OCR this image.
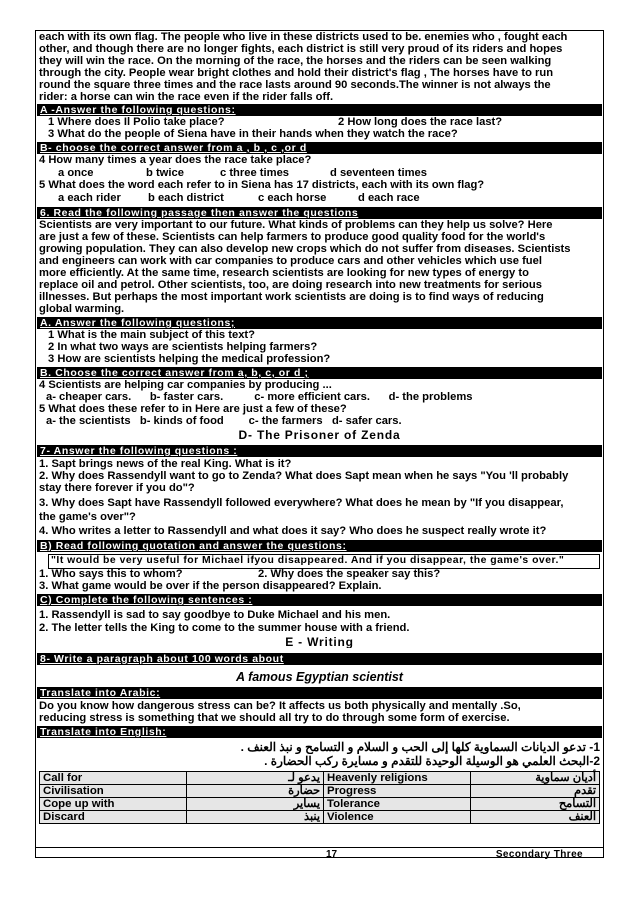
each with its own flag. The people who live in these districts used to be. enemies who , fought each
other, and though there are no longer fights, each district is still very proud of its riders and hopes
they will win the race. On the morning of the race, the horses and the riders can be seen walking
through the city. People wear bright clothes and hold their district's flag , The horses have to run
round the square three times and the race lasts around 90 seconds.The winner is not always the
rider: a horse can win the race even if the rider falls off.
A -Answer the following questions:
1 Where does Il Polio take place?	2 How long does the race last?
3 What do the people of Siena have in their hands when they watch the race?
B- choose the correct answer from a , b , c ,or d
4 How many times a year does the race take place?
a once	b twice	c three times	d seventeen times
5 What does the word each refer to in Siena has 17 districts, each with its own flag?
a each rider b each district	c each horse	d each race
6. Read the following passage then answer the questions
Scientists are very important to our future. What kinds of problems can they help us solve? Here
are just a few of these. Scientists can help farmers to produce good quality food for the world's
growing population. They can also develop new crops which do not suffer from diseases. Scientists
and engineers can work with car companies to produce cars and other vehicles which use fuel
more efficiently. At the same time, research scientists are looking for new types of energy to
replace oil and petrol. Other scientists, too, are doing research into new treatments for serious
illnesses. But perhaps the most important work scientists are doing is to find ways of reducing
global warming.
A. Answer the following questions;
1 What is the main subject of this text?
2 In what two ways are scientists helping farmers?
3 How are scientists helping the medical profession?
B. Choose the correct answer from a, b, c, or d ;
4 Scientists are helping car companies by producing ...
a- cheaper cars.      b- faster cars.          c- more efficient cars.      d- the problems
5 What does these refer to in Here are just a few of these?
a- the scientists   b- kinds of food        c- the farmers   d- safer cars.
D- The Prisoner of Zenda
7- Answer the following questions :
1. Sapt brings news of the real King. What is it?
2. Why does Rassendyll want to go to Zenda? What does Sapt mean when he says "You 'll probably
stay there forever if you do"?
3. Why does Sapt have Rassendyll followed everywhere? What does he mean by "If you disappear,
the game's over"?
4. Who writes a letter to Rassendyll and what does it say? Who does he suspect really wrote it?
B) Read following quotation and answer the questions:
"It would be very useful for Michael ifyou disappeared. And if you disappear, the game's over."
1. Who says this to whom?	2. Why does the speaker say this?
3. What game would be over if the person disappeared? Explain.
C) Complete the following sentences :
1. Rassendyll is sad to say goodbye to Duke Michael and his men.
2. The letter tells the King to come to the summer house with a friend.
E - Writing
8- Write a paragraph about 100 words about
A famous Egyptian scientist
Translate into Arabic:
Do you know how dangerous stress can be? It affects us both physically and mentally .So,
reducing stress is something that we should all try to do through some form of exercise.
Translate into English:
1- تدعو الديانات السماوية كلها إلى الحب و السلام و التسامح و نبذ العنف .
2-البحث العلمي هو الوسيلة الوحيدة للتقدم و مسايرة ركب الحضارة .
Call for	يدعو لـ	Heavenly religions	أديان سماوية
Civilisation	حضارة	Progress	تقدم
Cope up with	يساير	Tolerance	التسامح
Discard	ينبذ	Violence	العنف
17	Secondary Three
